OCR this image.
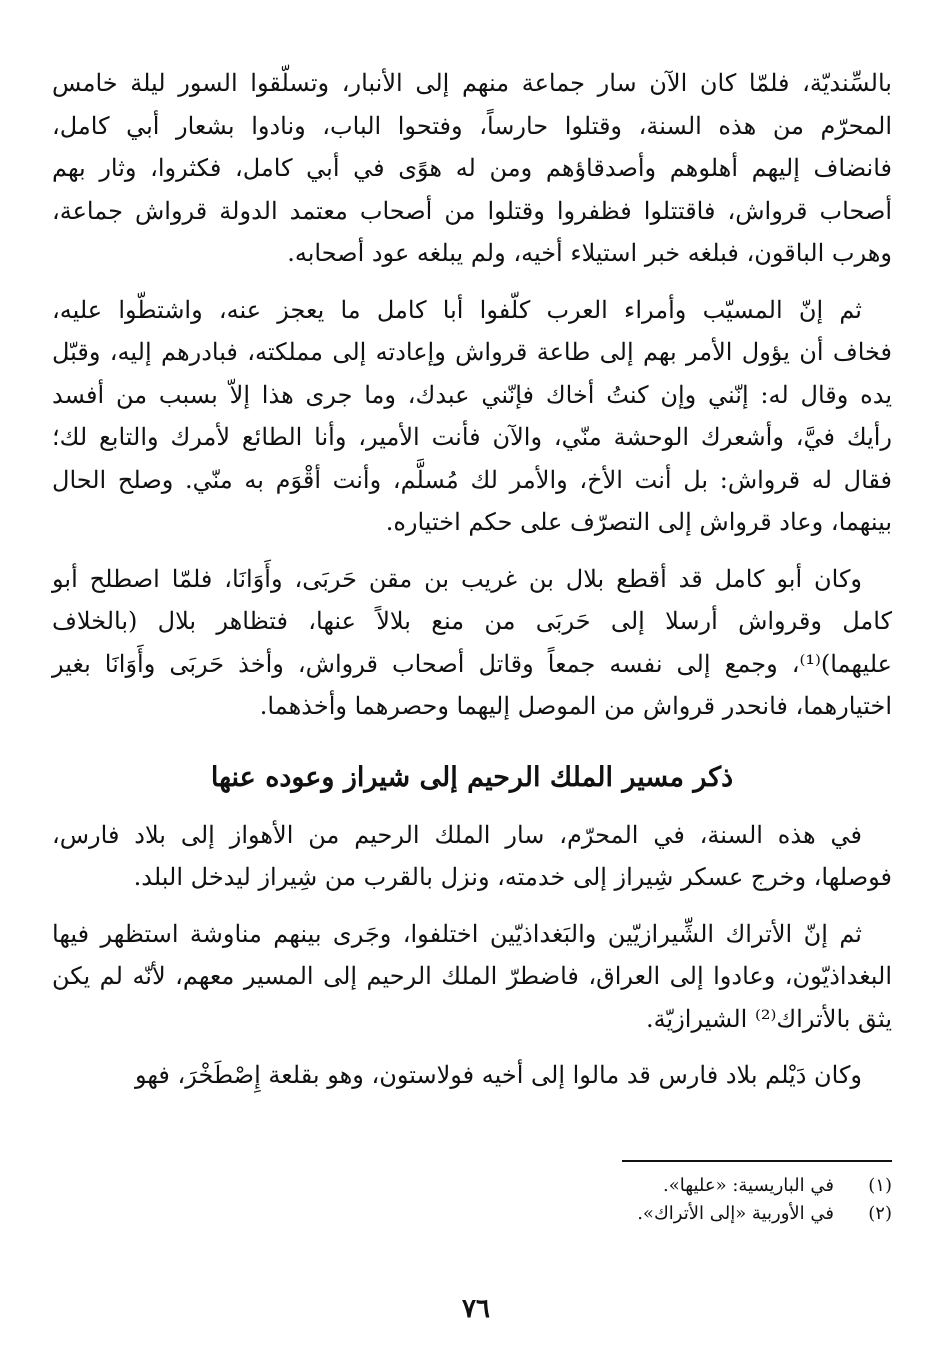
بالسِّنديّة، فلمّا كان الآن سار جماعة منهم إلى الأنبار، وتسلّقوا السور ليلة خامس
المحرّم من هذه السنة، وقتلوا حارساً، وفتحوا الباب، ونادوا بشعار أبي كامل،
فانضاف إليهم أهلوهم وأصدقاؤهم ومن له هوًى في أبي كامل، فكثروا، وثار بهم
أصحاب قرواش، فاقتتلوا فظفروا وقتلوا من أصحاب معتمد الدولة قرواش جماعة،
وهرب الباقون، فبلغه خبر استيلاء أخيه، ولم يبلغه عود أصحابه.
ثم إنّ المسيّب وأمراء العرب كلّفوا أبا كامل ما يعجز عنه، واشتطّوا عليه،
فخاف أن يؤول الأمر بهم إلى طاعة قرواش وإعادته إلى مملكته، فبادرهم إليه، وقبّل
يده وقال له: إنّني وإن كنتُ أخاك فإنّني عبدك، وما جرى هذا إلاّ بسبب من أفسد
رأيك فيَّ، وأشعرك الوحشة منّي، والآن فأنت الأمير، وأنا الطائع لأمرك والتابع لك؛
فقال له قرواش: بل أنت الأخ، والأمر لك مُسلَّم، وأنت أقْوَم به منّي. وصلح الحال
بينهما، وعاد قرواش إلى التصرّف على حكم اختياره.
وكان أبو كامل قد أقطع بلال بن غريب بن مقن حَربَى، وأَوَانَا، فلمّا اصطلح أبو
كامل وقرواش أرسلا إلى حَربَى من منع بلالاً عنها، فتظاهر بلال (بالخلاف
عليهما)⁽¹⁾، وجمع إلى نفسه جمعاً وقاتل أصحاب قرواش، وأخذ حَربَى وأَوَانَا بغير
اختيارهما، فانحدر قرواش من الموصل إليهما وحصرهما وأخذهما.
ذكر مسير الملك الرحيم إلى شيراز وعوده عنها
في هذه السنة، في المحرّم، سار الملك الرحيم من الأهواز إلى بلاد فارس،
فوصلها، وخرج عسكر شِيراز إلى خدمته، ونزل بالقرب من شِيراز ليدخل البلد.
ثم إنّ الأتراك الشِّيرازيّين والبَغداذيّين اختلفوا، وجَرى بينهم مناوشة استظهر فيها
البغداذيّون، وعادوا إلى العراق، فاضطرّ الملك الرحيم إلى المسير معهم، لأنّه لم يكن
يثق بالأتراك⁽²⁾ الشيرازيّة.
وكان دَيْلم بلاد فارس قد مالوا إلى أخيه فولاستون، وهو بقلعة إِصْطَخْرَ، فهو
(١)في الباريسية: «عليها».
(٢)في الأوربية «إلى الأتراك».
٧٦
